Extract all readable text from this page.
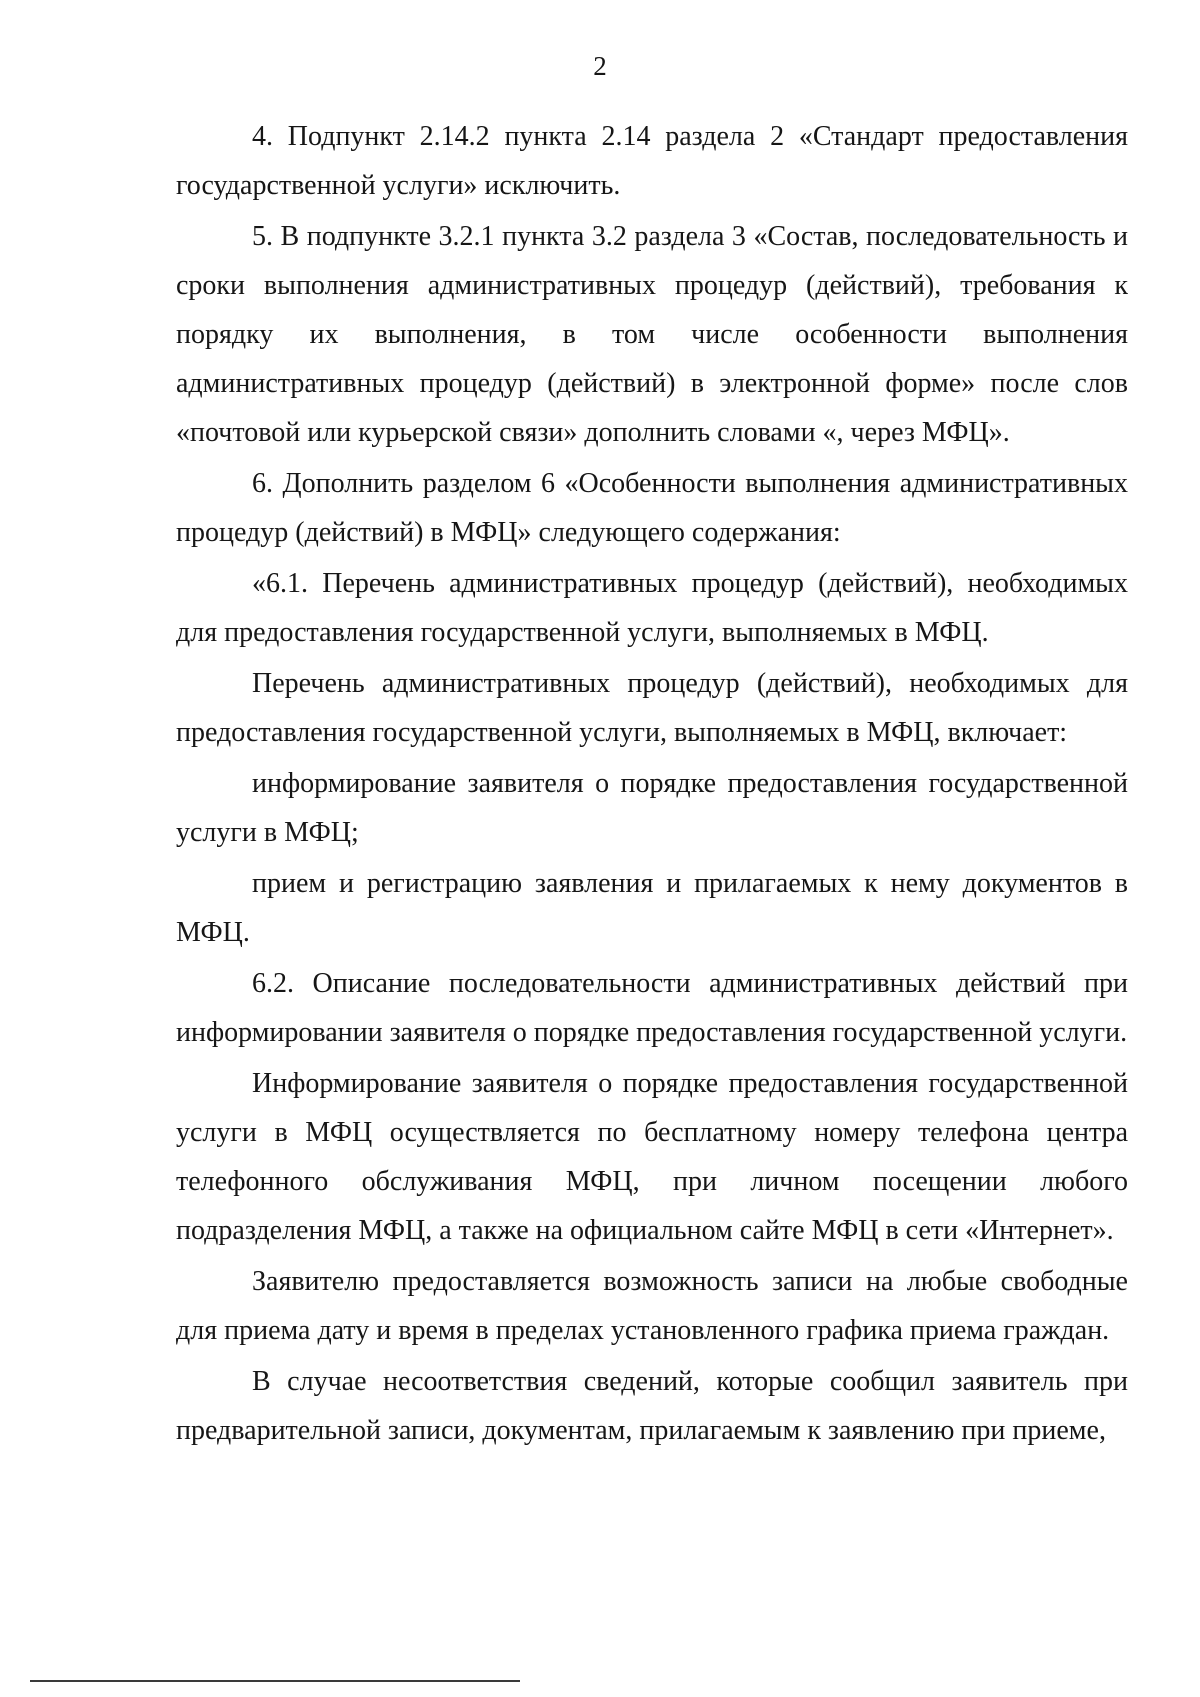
2

4. Подпункт 2.14.2 пункта 2.14 раздела 2 «Стандарт предоставления государственной услуги» исключить.

5. В подпункте 3.2.1 пункта 3.2 раздела 3 «Состав, последовательность и сроки выполнения административных процедур (действий), требования к порядку их выполнения, в том числе особенности выполнения административных процедур (действий) в электронной форме» после слов «почтовой или курьерской связи» дополнить словами «, через МФЦ».

6. Дополнить разделом 6 «Особенности выполнения административных процедур (действий) в МФЦ» следующего содержания:

«6.1. Перечень административных процедур (действий), необходимых для предоставления государственной услуги, выполняемых в МФЦ.

Перечень административных процедур (действий), необходимых для предоставления государственной услуги, выполняемых в МФЦ, включает:

информирование заявителя о порядке предоставления государственной услуги в МФЦ;

прием и регистрацию заявления и прилагаемых к нему документов в МФЦ.

6.2. Описание последовательности административных действий при информировании заявителя о порядке предоставления государственной услуги.

Информирование заявителя о порядке предоставления государственной услуги в МФЦ осуществляется по бесплатному номеру телефона центра телефонного обслуживания МФЦ, при личном посещении любого подразделения МФЦ, а также на официальном сайте МФЦ в сети «Интернет».

Заявителю предоставляется возможность записи на любые свободные для приема дату и время в пределах установленного графика приема граждан.

В случае несоответствия сведений, которые сообщил заявитель при предварительной записи, документам, прилагаемым к заявлению при приеме,
